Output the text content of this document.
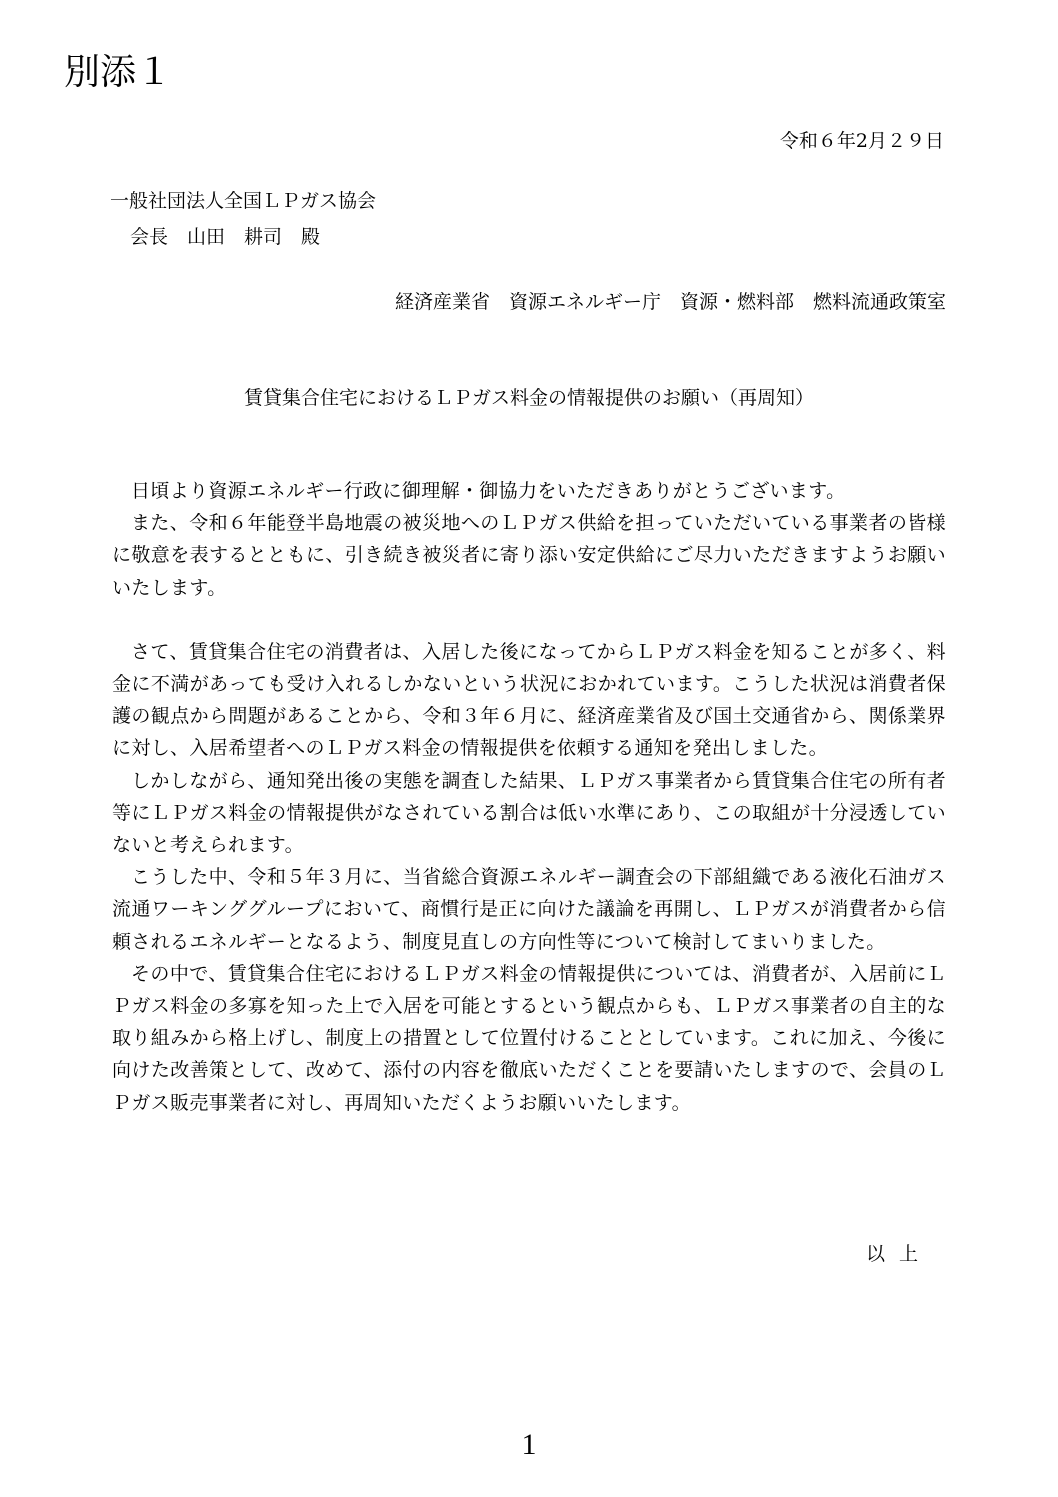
別添１
令和６年2月２９日
一般社団法人全国ＬＰガス協会
会長　山田　耕司　殿
経済産業省　資源エネルギー庁　資源・燃料部　燃料流通政策室
賃貸集合住宅におけるＬＰガス料金の情報提供のお願い（再周知）

日頃より資源エネルギー行政に御理解・御協力をいただきありがとうございます。

また、令和６年能登半島地震の被災地へのＬＰガス供給を担っていただいている事業者の皆様に敬意を表するとともに、引き続き被災者に寄り添い安定供給にご尽力いただきますようお願いいたします。

さて、賃貸集合住宅の消費者は、入居した後になってからＬＰガス料金を知ることが多く、料金に不満があっても受け入れるしかないという状況におかれています。こうした状況は消費者保護の観点から問題があることから、令和３年６月に、経済産業省及び国土交通省から、関係業界に対し、入居希望者へのＬＰガス料金の情報提供を依頼する通知を発出しました。

しかしながら、通知発出後の実態を調査した結果、ＬＰガス事業者から賃貸集合住宅の所有者等にＬＰガス料金の情報提供がなされている割合は低い水準にあり、この取組が十分浸透していないと考えられます。

こうした中、令和５年３月に、当省総合資源エネルギー調査会の下部組織である液化石油ガス流通ワーキンググループにおいて、商慣行是正に向けた議論を再開し、ＬＰガスが消費者から信頼されるエネルギーとなるよう、制度見直しの方向性等について検討してまいりました。

その中で、賃貸集合住宅におけるＬＰガス料金の情報提供については、消費者が、入居前にＬＰガス料金の多寡を知った上で入居を可能とするという観点からも、ＬＰガス事業者の自主的な取り組みから格上げし、制度上の措置として位置付けることとしています。これに加え、今後に向けた改善策として、改めて、添付の内容を徹底いただくことを要請いたしますので、会員のＬＰガス販売事業者に対し、再周知いただくようお願いいたします。

以上
1
